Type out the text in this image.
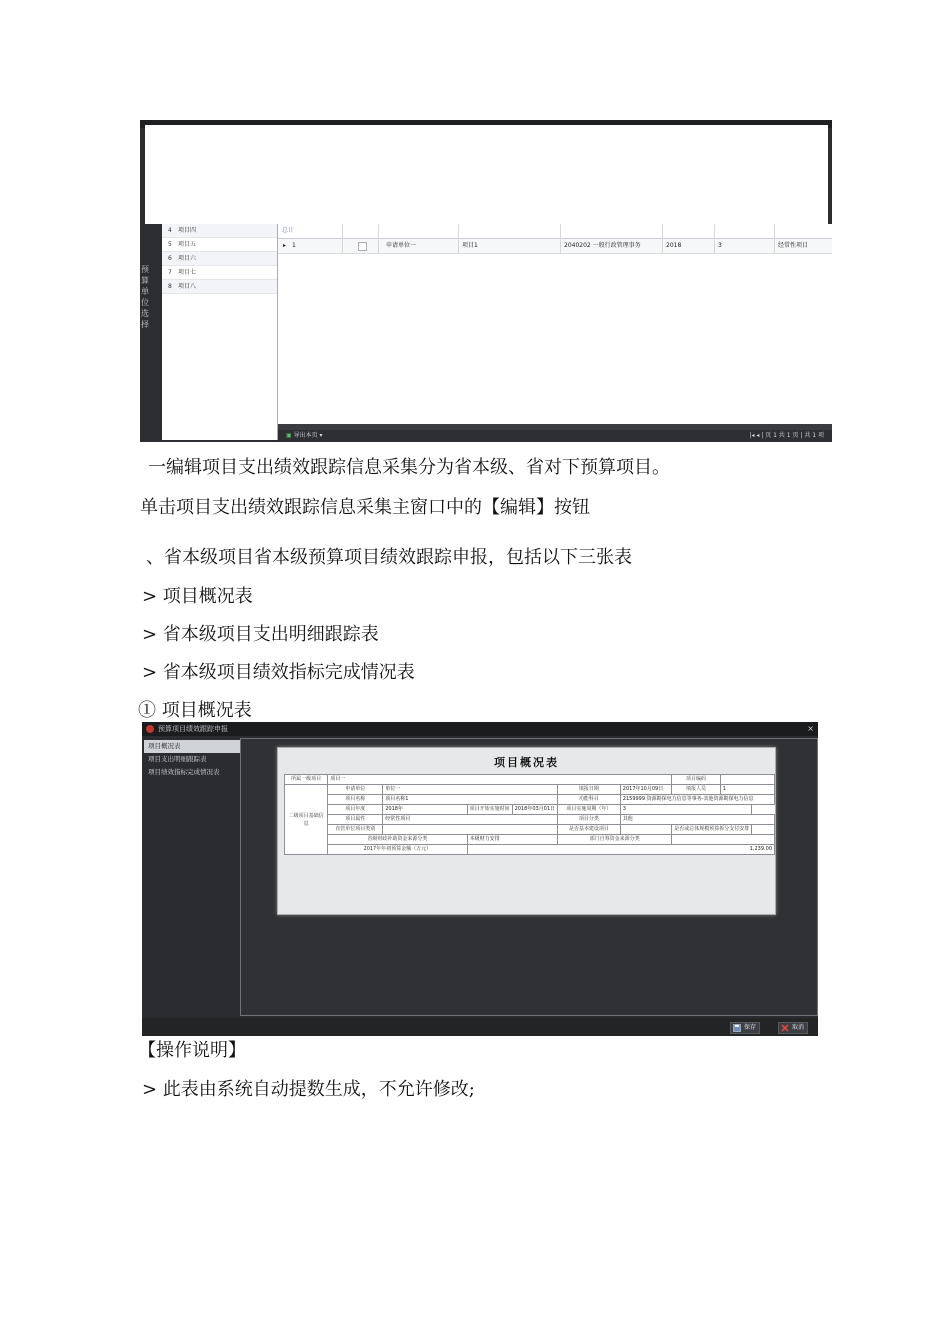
预算单位选择
4 项目四
5 项目五
6 项目六
7 项目七
8 项目八
总计
▸ 1	申请单位一	项目1	2040202 一般行政管理事务	2018	3	经常性项目
▣ 导出本页 ▾	|◂ ◂ | 页 1 共 1 页 | 共 1 项
一编辑项目支出绩效跟踪信息采集分为省本级、省对下预算项目。
单击项目支出绩效跟踪信息采集主窗口中的【编辑】按钮
、省本级项目省本级预算项目绩效跟踪申报，包括以下三张表
> 项目概况表
> 省本级项目支出明细跟踪表
> 省本级项目绩效指标完成情况表
① 项目概况表
【操作说明】
> 此表由系统自动提数生成，不允许修改;
预算项目绩效跟踪申报	×
项目概况表
项目支出明细跟踪表
项目绩效指标完成情况表
项目概况表
所属一级项目	项目一						项目编码		
二级项目基础信息	申请单位	单位一			填报日期	2017年10月09日	填报人员	1	
	项目名称	项目名称1			功能科目	2159999 资源勘探电力信息等事务-其他资源勘探电力信息			
	项目年度	2018年	项目开始实施时间	2018年03月01日	项目实施周期（年）	3			
	项目属性	经常性项目			项目分类	其他			
	直管单位项目类别				是否基本建设项目		是否或总体规模预算拆分支付安排		
	省级财政补助资金来源分类		本级财力安排		部门自筹资金来源分类				
	2017年年初预算金额（万元）		1,239.00						
保存	取消
